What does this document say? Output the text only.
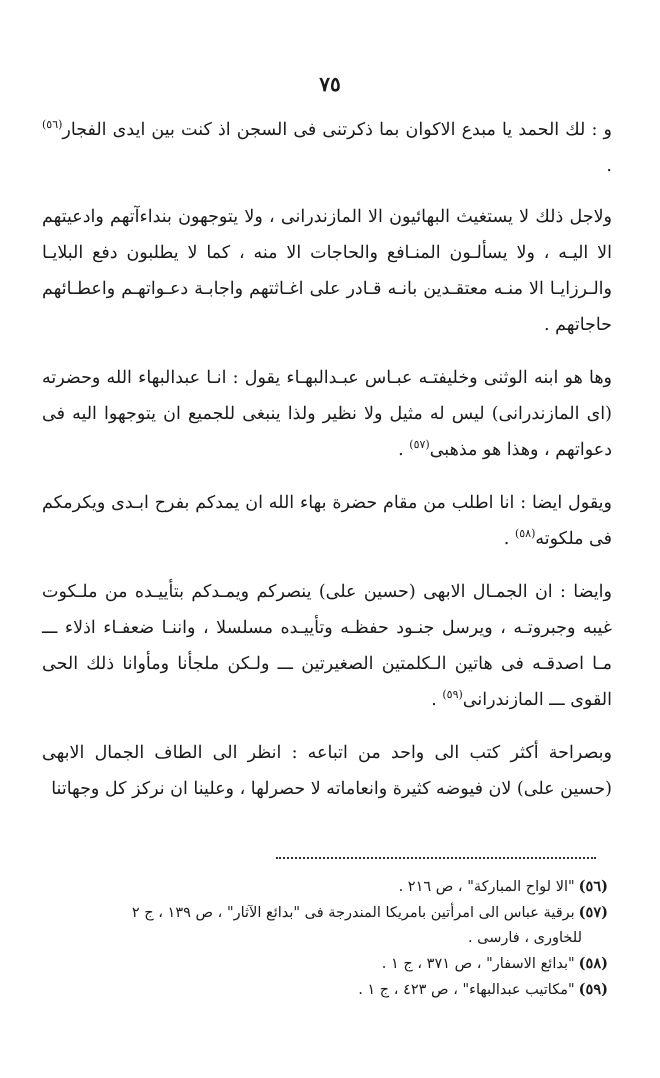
٧٥

و : لك الحمد يا مبدع الاكوان بما ذكرتنى فى السجن اذ كنت بين ايدى الفجار$^{(٥٦)}$ .

ولاجل ذلك لا يستغيث البهائيون الا المازندرانى ، ولا يتوجهون بنداءآتهم وادعيتهم الا اليـه ، ولا يسألـون المنـافع والحاجات الا منه ، كما لا يطلبون دفع البلايـا والـرزايـا الا منـه معتقـدين بانـه قـادر على اغـاثتهم واجابـة دعـواتهـم واعطـائهم حاجاتهم .

وها هو ابنه الوثنى وخليفتـه عبـاس عبـدالبهـاء يقول : انـا عبدالبهاء الله وحضرته (اى المازندرانى) ليس له مثيل ولا نظير ولذا ينبغى للجميع ان يتوجهوا اليه فى دعواتهم ، وهذا هو مذهبى$^{(٥٧)}$ .

ويقول ايضا : انا اطلب من مقام حضرة بهاء الله ان يمدكم بفرح ابـدى ويكرمكم فى ملكوته$^{(٥٨)}$ .

وايضا : ان الجمـال الابهى (حسين على) ينصركم ويمـدكم بتأييـده من ملـكوت غيبه وجبروتـه ، ويرسل جنـود حفظـه وتأييـده مسلسلا ، واننـا ضعفـاء اذلاء ـــ مـا اصدقـه فى هاتين الـكلمتين الصغيرتين ـــ ولـكن ملجأنا ومأوانا ذلك الحى القوى ـــ المازندرانى$^{(٥٩)}$ .

وبصراحة أكثر كتب الى واحد من اتباعه : انظر الى الطاف الجمال الابهى (حسين على) لان فيوضه كثيرة وانعاماته لا حصرلها ، وعلينا ان نركز كل وجهاتنا

(٥٦)"الا لواح المباركة" ، ص ٢١٦ .

(٥٧)برقية عباس الى امرأتين بامريكا المندرجة فى "بدائع الآثار" ، ص ١٣٩ ، ج ٢
للخاورى ، فارسى .

(٥٨)"بدائع الاسفار" ، ص ٣٧١ ، ج ١ .

(٥٩)"مكاتيب عبدالبهاء" ، ص ٤٢٣ ، ج ١ .
